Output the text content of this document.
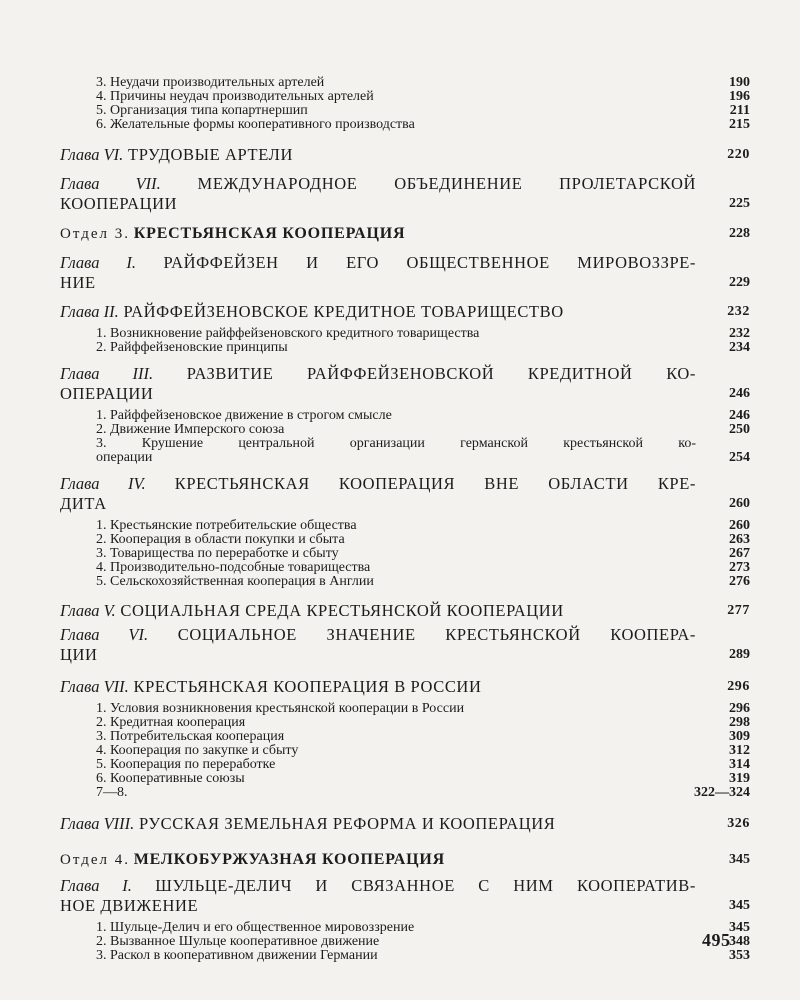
3. Неудачи производительных артелей	190
4. Причины неудач производительных артелей	196
5. Организация типа копартнершип	211
6. Желательные формы кооперативного производства	215
Глава VI. ТРУДОВЫЕ АРТЕЛИ	220
Глава VII. МЕЖДУНАРОДНОЕ ОБЪЕДИНЕНИЕ ПРОЛЕТАРСКОЙ
КООПЕРАЦИИ	225
Отдел 3. КРЕСТЬЯНСКАЯ КООПЕРАЦИЯ	228
Глава I. РАЙФФЕЙЗЕН И ЕГО ОБЩЕСТВЕННОЕ МИРОВОЗЗРЕ-
НИЕ	229
Глава II. РАЙФФЕЙЗЕНОВСКОЕ КРЕДИТНОЕ ТОВАРИЩЕСТВО	232
1. Возникновение райффейзеновского кредитного товарищества	232
2. Райффейзеновские принципы	234
Глава III. РАЗВИТИЕ РАЙФФЕЙЗЕНОВСКОЙ КРЕДИТНОЙ КО-
ОПЕРАЦИИ	246
1. Райффейзеновское движение в строгом смысле	246
2. Движение Имперского союза	250
3. Крушение центральной организации германской крестьянской ко-
операции	254
Глава IV. КРЕСТЬЯНСКАЯ КООПЕРАЦИЯ ВНЕ ОБЛАСТИ КРЕ-
ДИТА	260
1. Крестьянские потребительские общества	260
2. Кооперация в области покупки и сбыта	263
3. Товарищества по переработке и сбыту	267
4. Производительно-подсобные товарищества	273
5. Сельскохозяйственная кооперация в Англии	276
Глава V. СОЦИАЛЬНАЯ СРЕДА КРЕСТЬЯНСКОЙ КООПЕРАЦИИ	277
Глава VI. СОЦИАЛЬНОЕ ЗНАЧЕНИЕ КРЕСТЬЯНСКОЙ КООПЕРА-
ЦИИ	289
Глава VII. КРЕСТЬЯНСКАЯ КООПЕРАЦИЯ В РОССИИ	296
1. Условия возникновения крестьянской кооперации в России	296
2. Кредитная кооперация	298
3. Потребительская кооперация	309
4. Кооперация по закупке и сбыту	312
5. Кооперация по переработке	314
6. Кооперативные союзы	319
7—8.	322—324
Глава VIII. РУССКАЯ ЗЕМЕЛЬНАЯ РЕФОРМА И КООПЕРАЦИЯ	326
Отдел 4. МЕЛКОБУРЖУАЗНАЯ КООПЕРАЦИЯ	345
Глава I. ШУЛЬЦЕ-ДЕЛИЧ И СВЯЗАННОЕ С НИМ КООПЕРАТИВ-
НОЕ ДВИЖЕНИЕ	345
1. Шульце-Делич и его общественное мировоззрение	345
2. Вызванное Шульце кооперативное движение	348
3. Раскол в кооперативном движении Германии	353
495
